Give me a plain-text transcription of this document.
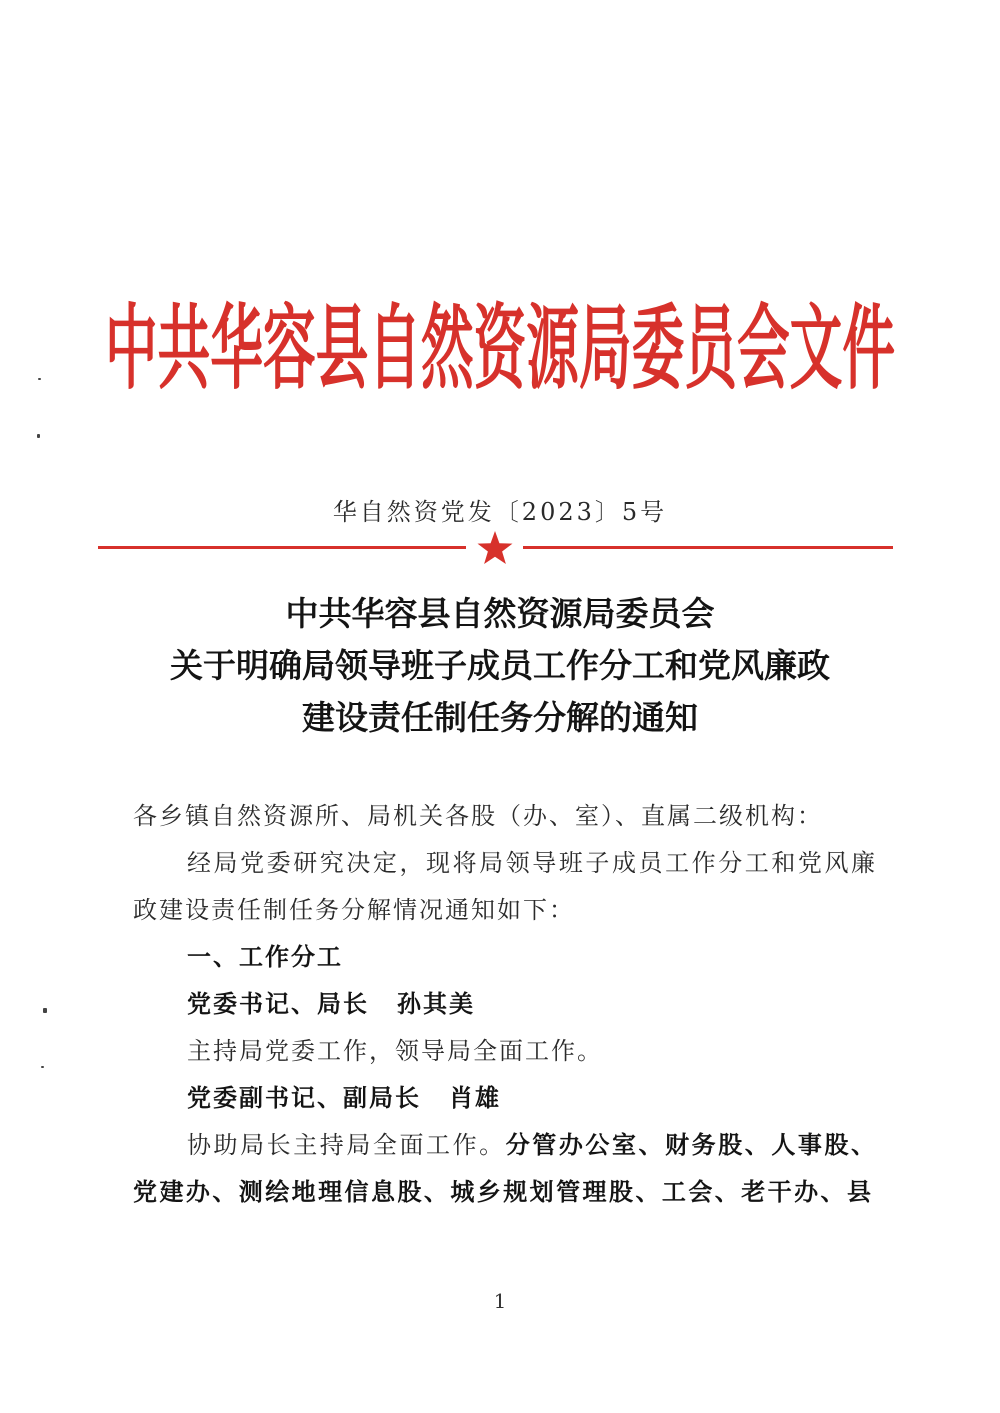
中共华容县自然资源局委员会文件
华自然资党发〔2023〕5号
中共华容县自然资源局委员会
关于明确局领导班子成员工作分工和党风廉政
建设责任制任务分解的通知
各乡镇自然资源所、局机关各股（办、室）、直属二级机构：
经局党委研究决定，现将局领导班子成员工作分工和党风廉
政建设责任制任务分解情况通知如下：
一、工作分工
党委书记、局长 孙其美
主持局党委工作，领导局全面工作。
党委副书记、副局长 肖雄
协助局长主持局全面工作。分管办公室、财务股、人事股、
党建办、测绘地理信息股、城乡规划管理股、工会、老干办、县
1
